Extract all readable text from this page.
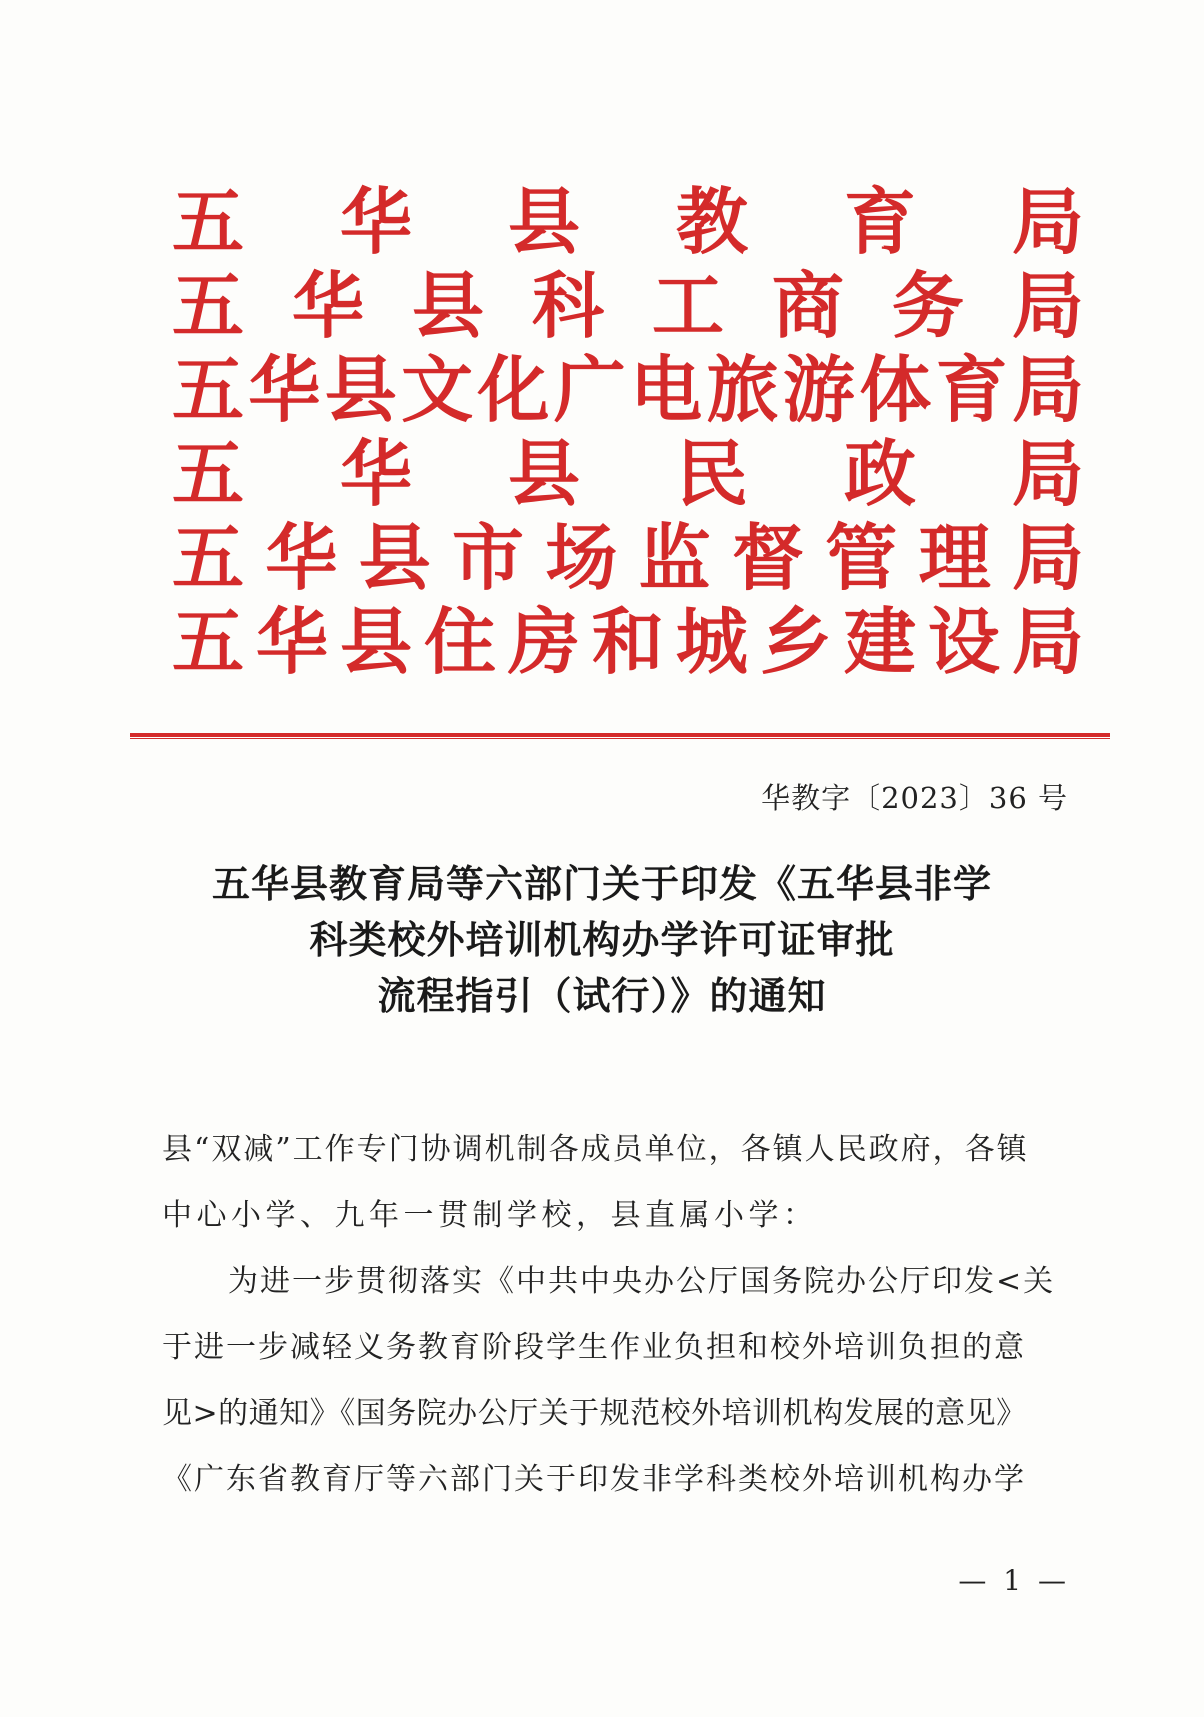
五 华 县 教 育 局
五 华 县 科 工 商 务 局
五 华 县 文 化 广 电 旅 游 体 育 局
五 华 县 民 政 局
五 华 县 市 场 监 督 管 理 局
五 华 县 住 房 和 城 乡 建 设 局
华教字〔2023〕36 号
五华县教育局等六部门关于印发《五华县非学
科类校外培训机构办学许可证审批
流程指引（试行）》的通知
县“双减”工作专门协调机制各成员单位，各镇人民政府，各镇
中心小学、九年一贯制学校，县直属小学：
为进一步贯彻落实《中共中央办公厅国务院办公厅印发<关
于进一步减轻义务教育阶段学生作业负担和校外培训负担的意
见>的通知》《国务院办公厅关于规范校外培训机构发展的意见》
《广东省教育厅等六部门关于印发非学科类校外培训机构办学
— 1 —
